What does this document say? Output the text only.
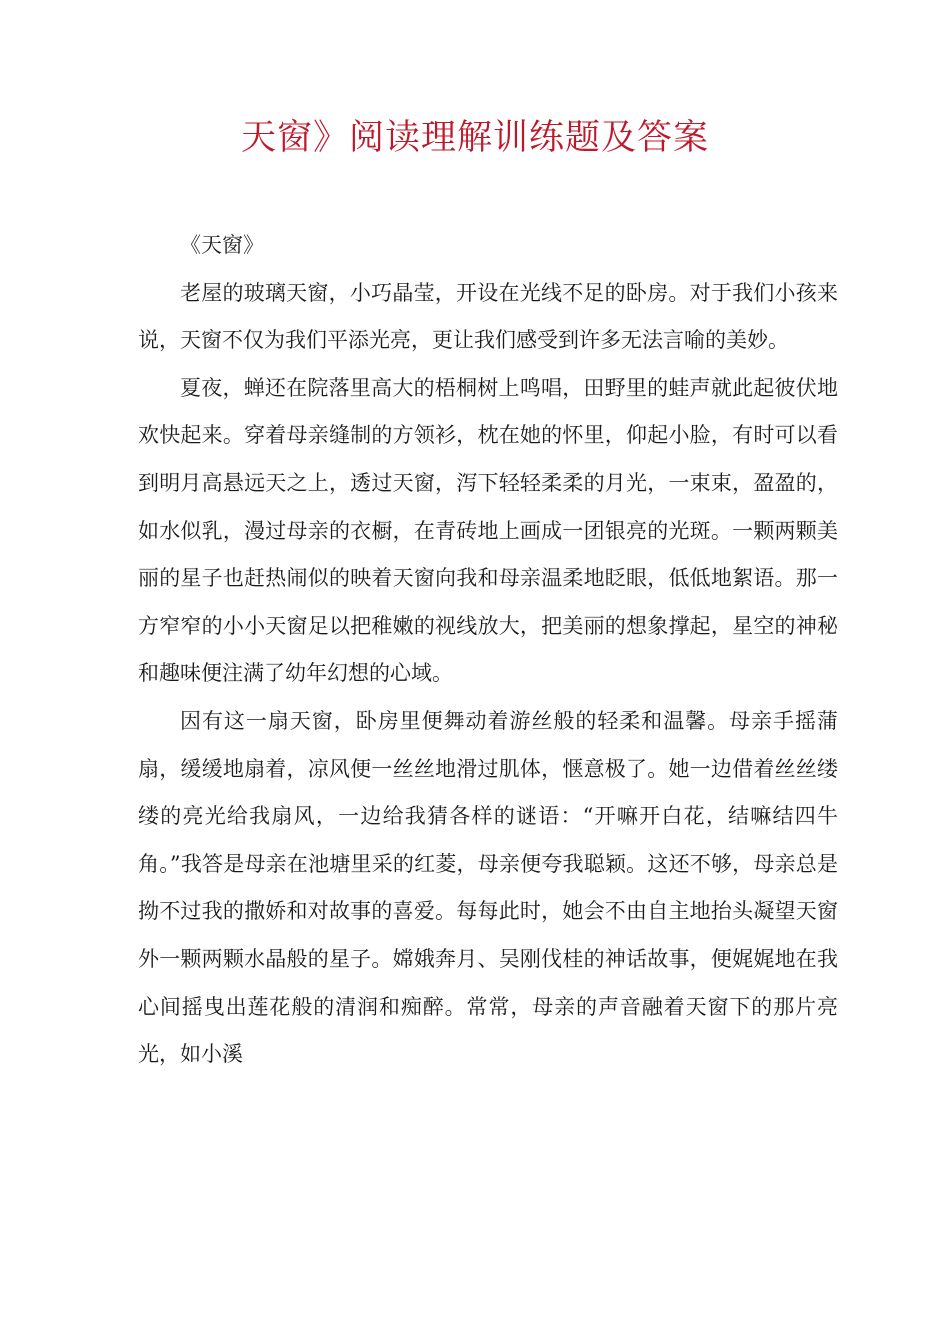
天窗》阅读理解训练题及答案

《天窗》

老屋的玻璃天窗，小巧晶莹，开设在光线不足的卧房。对于我们小孩来说，天窗不仅为我们平添光亮，更让我们感受到许多无法言喻的美妙。

夏夜，蝉还在院落里高大的梧桐树上鸣唱，田野里的蛙声就此起彼伏地欢快起来。穿着母亲缝制的方领衫，枕在她的怀里，仰起小脸，有时可以看到明月高悬远天之上，透过天窗，泻下轻轻柔柔的月光，一束束，盈盈的，如水似乳，漫过母亲的衣橱，在青砖地上画成一团银亮的光斑。一颗两颗美丽的星子也赶热闹似的映着天窗向我和母亲温柔地眨眼，低低地絮语。那一方窄窄的小小天窗足以把稚嫩的视线放大，把美丽的想象撑起，星空的神秘和趣味便注满了幼年幻想的心域。

因有这一扇天窗，卧房里便舞动着游丝般的轻柔和温馨。母亲手摇蒲扇，缓缓地扇着，凉风便一丝丝地滑过肌体，惬意极了。她一边借着丝丝缕缕的亮光给我扇风，一边给我猜各样的谜语：“开嘛开白花，结嘛结四牛角。”我答是母亲在池塘里采的红菱，母亲便夸我聪颖。这还不够，母亲总是拗不过我的撒娇和对故事的喜爱。每每此时，她会不由自主地抬头凝望天窗外一颗两颗水晶般的星子。嫦娥奔月、吴刚伐桂的神话故事，便娓娓地在我心间摇曳出莲花般的清润和痴醉。常常，母亲的声音融着天窗下的那片亮光，如小溪
